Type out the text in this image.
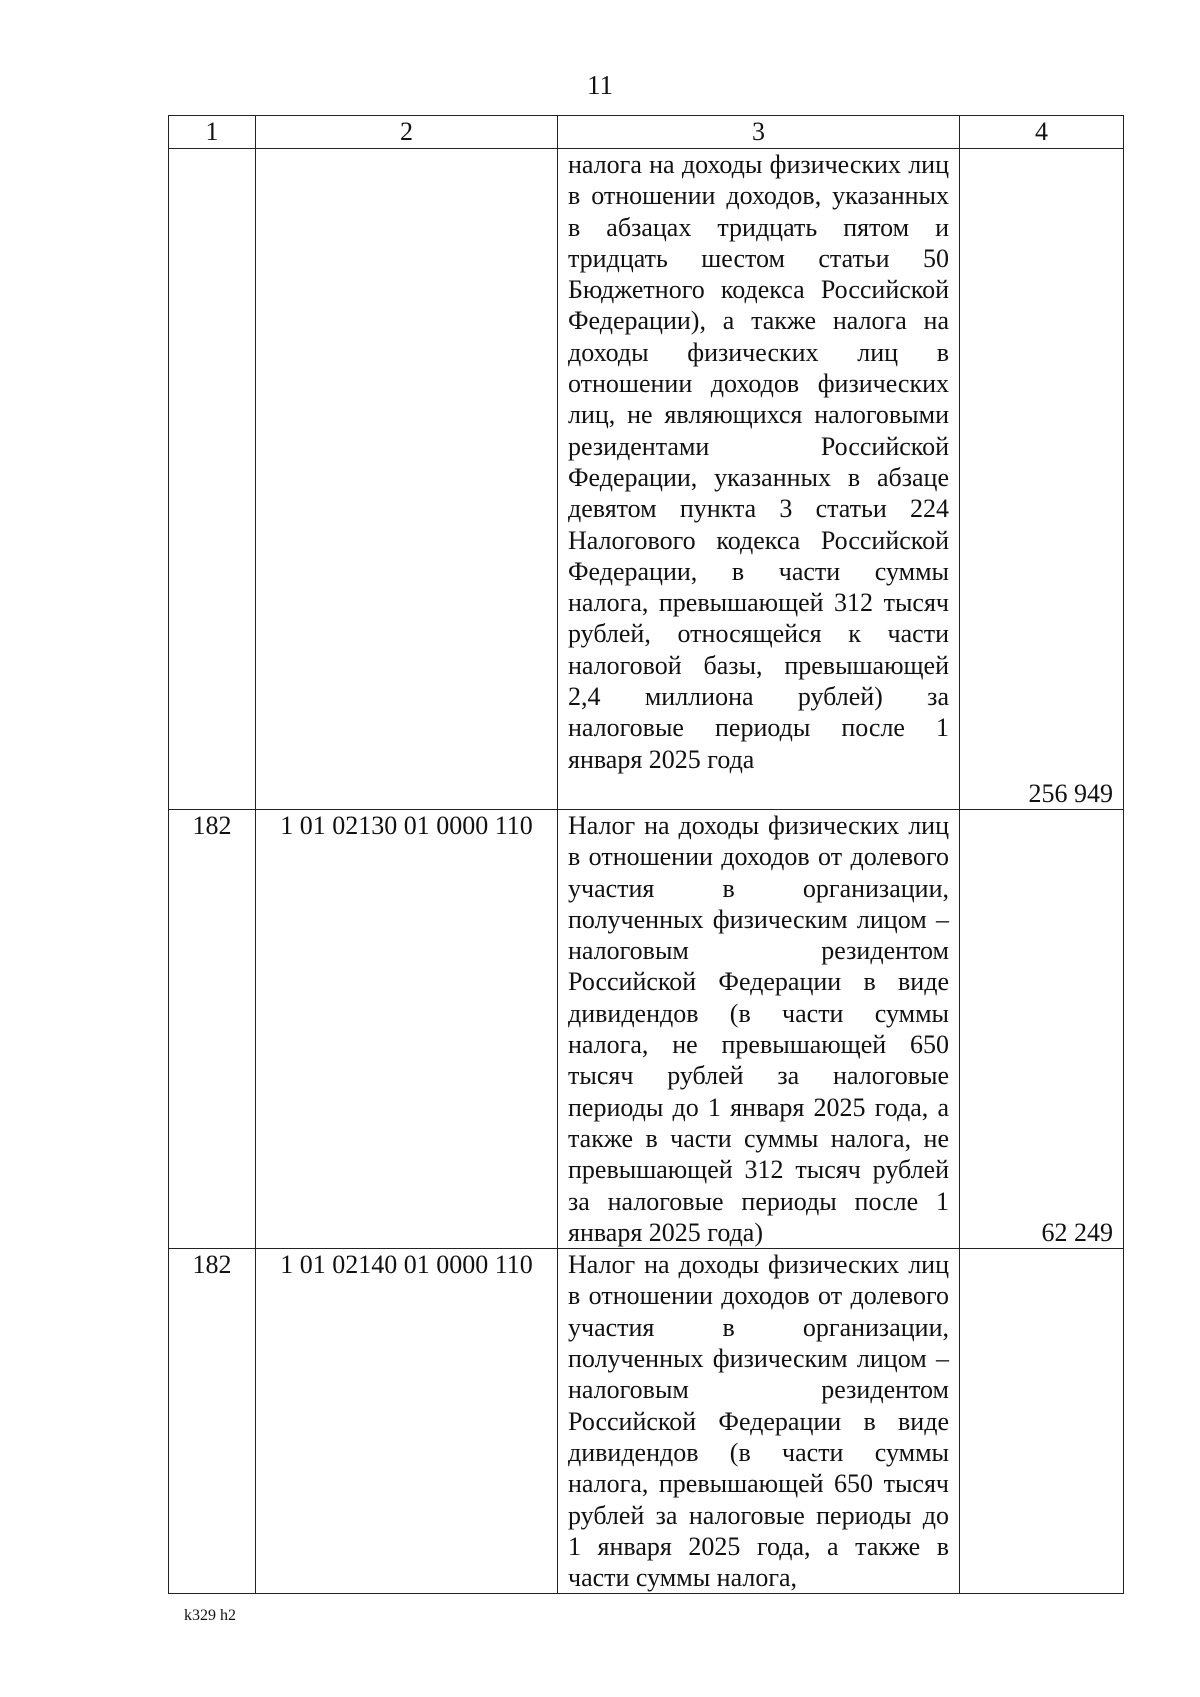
11
1	2	3	4
		налога на доходы физических лиц в отношении доходов, указанных в абзацах тридцать пятом и тридцать шестом статьи 50 Бюджетного кодекса Российской Федерации), а также налога на доходы физических лиц в отношении доходов физических лиц, не являющихся налоговыми резидентами Российской Федерации, указанных в абзаце девятом пункта 3 статьи 224 Налогового кодекса Российской Федерации, в части суммы налога, превышающей 312 тысяч рублей, относящейся к части налоговой базы, превышающей 2,4 миллиона рублей) за налоговые периоды после 1 января 2025 года	256 949
182	1 01 02130 01 0000 110	Налог на доходы физических лиц в отношении доходов от долевого участия в организации, полученных физическим лицом – налоговым резидентом Российской Федерации в виде дивидендов (в части суммы налога, не превышающей 650 тысяч рублей за налоговые периоды до 1 января 2025 года, а также в части суммы налога, не превышающей 312 тысяч рублей за налоговые периоды после 1 января 2025 года)	62 249
182	1 01 02140 01 0000 110	Налог на доходы физических лиц в отношении доходов от долевого участия в организации, полученных физическим лицом – налоговым резидентом Российской Федерации в виде дивидендов (в части суммы налога, превышающей 650 тысяч рублей за налоговые периоды до 1 января 2025 года, а также в части суммы налога,	
k329 h2
